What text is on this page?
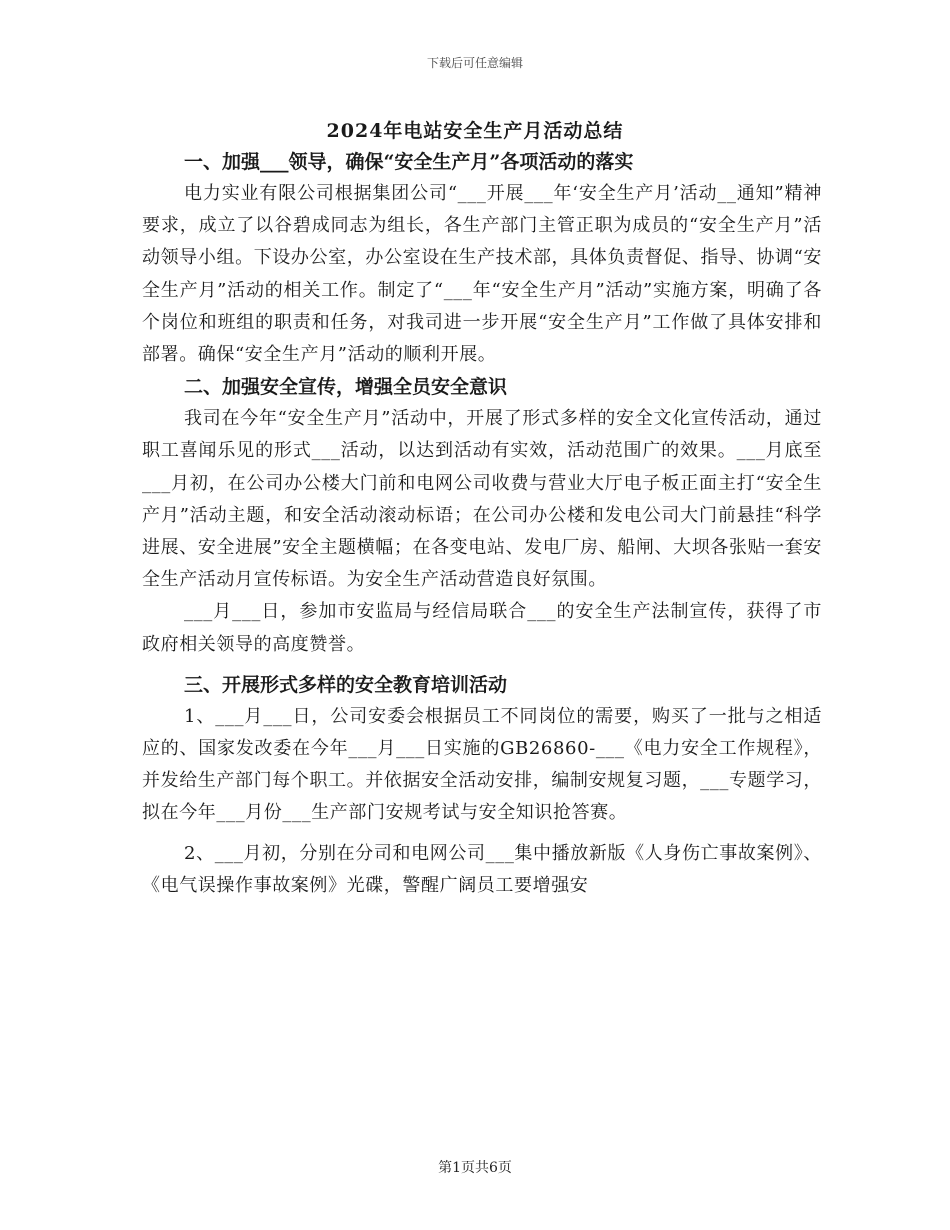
下载后可任意编辑
2024年电站安全生产月活动总结
一、加强___领导，确保“安全生产月”各项活动的落实

电力实业有限公司根据集团公司“___开展___年‘安全生产月’活动__通知”精神要求，成立了以谷碧成同志为组长，各生产部门主管正职为成员的“安全生产月”活动领导小组。下设办公室，办公室设在生产技术部，具体负责督促、指导、协调“安全生产月”活动的相关工作。制定了“___年“安全生产月”活动”实施方案，明确了各个岗位和班组的职责和任务，对我司进一步开展“安全生产月”工作做了具体安排和部署。确保“安全生产月”活动的顺利开展。

二、加强安全宣传，增强全员安全意识

我司在今年“安全生产月”活动中，开展了形式多样的安全文化宣传活动，通过职工喜闻乐见的形式___活动，以达到活动有实效，活动范围广的效果。___月底至___月初，在公司办公楼大门前和电网公司收费与营业大厅电子板正面主打“安全生产月”活动主题，和安全活动滚动标语；在公司办公楼和发电公司大门前悬挂“科学进展、安全进展”安全主题横幅；在各变电站、发电厂房、船闸、大坝各张贴一套安全生产活动月宣传标语。为安全生产活动营造良好氛围。

___月___日，参加市安监局与经信局联合___的安全生产法制宣传，获得了市政府相关领导的高度赞誉。

三、开展形式多样的安全教育培训活动

1、___月___日，公司安委会根据员工不同岗位的需要，购买了一批与之相适应的、国家发改委在今年___月___日实施的GB26860-___《电力安全工作规程》，并发给生产部门每个职工。并依据安全活动安排，编制安规复习题，___专题学习，拟在今年___月份___生产部门安规考试与安全知识抢答赛。

2、___月初，分别在分司和电网公司___集中播放新版《人身伤亡事故案例》、《电气误操作事故案例》光碟，警醒广阔员工要增强安

第1页共6页
